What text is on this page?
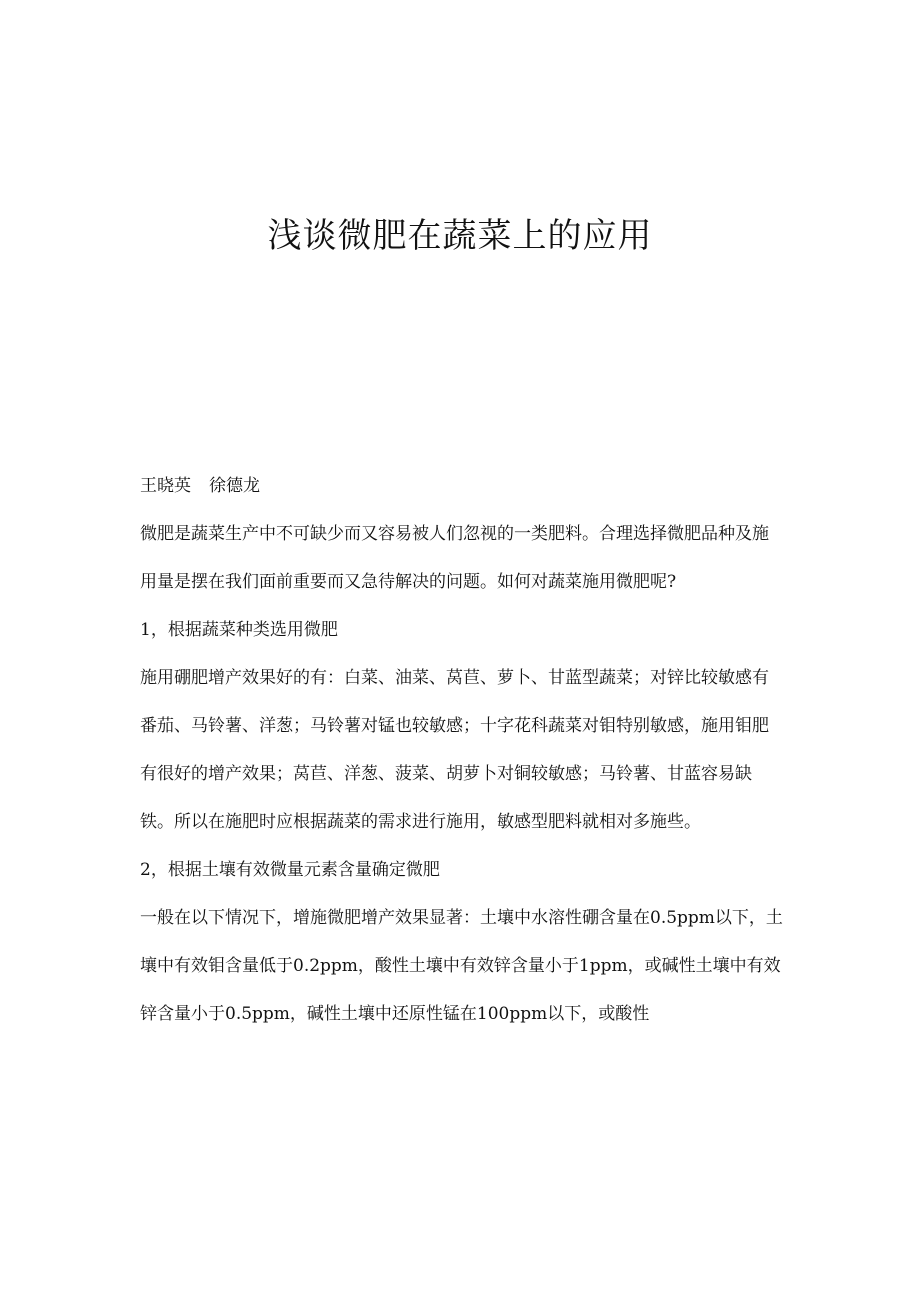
浅谈微肥在蔬菜上的应用

王晓英 徐德龙

微肥是蔬菜生产中不可缺少而又容易被人们忽视的一类肥料。合理选择微肥品种及施用量是摆在我们面前重要而又急待解决的问题。如何对蔬菜施用微肥呢?

1，根据蔬菜种类选用微肥

施用硼肥增产效果好的有：白菜、油菜、莴苣、萝卜、甘蓝型蔬菜；对锌比较敏感有番茄、马铃薯、洋葱；马铃薯对锰也较敏感；十字花科蔬菜对钼特别敏感，施用钼肥有很好的增产效果；莴苣、洋葱、菠菜、胡萝卜对铜较敏感；马铃薯、甘蓝容易缺铁。所以在施肥时应根据蔬菜的需求进行施用，敏感型肥料就相对多施些。

2，根据土壤有效微量元素含量确定微肥

一般在以下情况下，增施微肥增产效果显著：土壤中水溶性硼含量在0.5ppm以下，土壤中有效钼含量低于0.2ppm，酸性土壤中有效锌含量小于1ppm，或碱性土壤中有效锌含量小于0.5ppm，碱性土壤中还原性锰在100ppm以下，或酸性
